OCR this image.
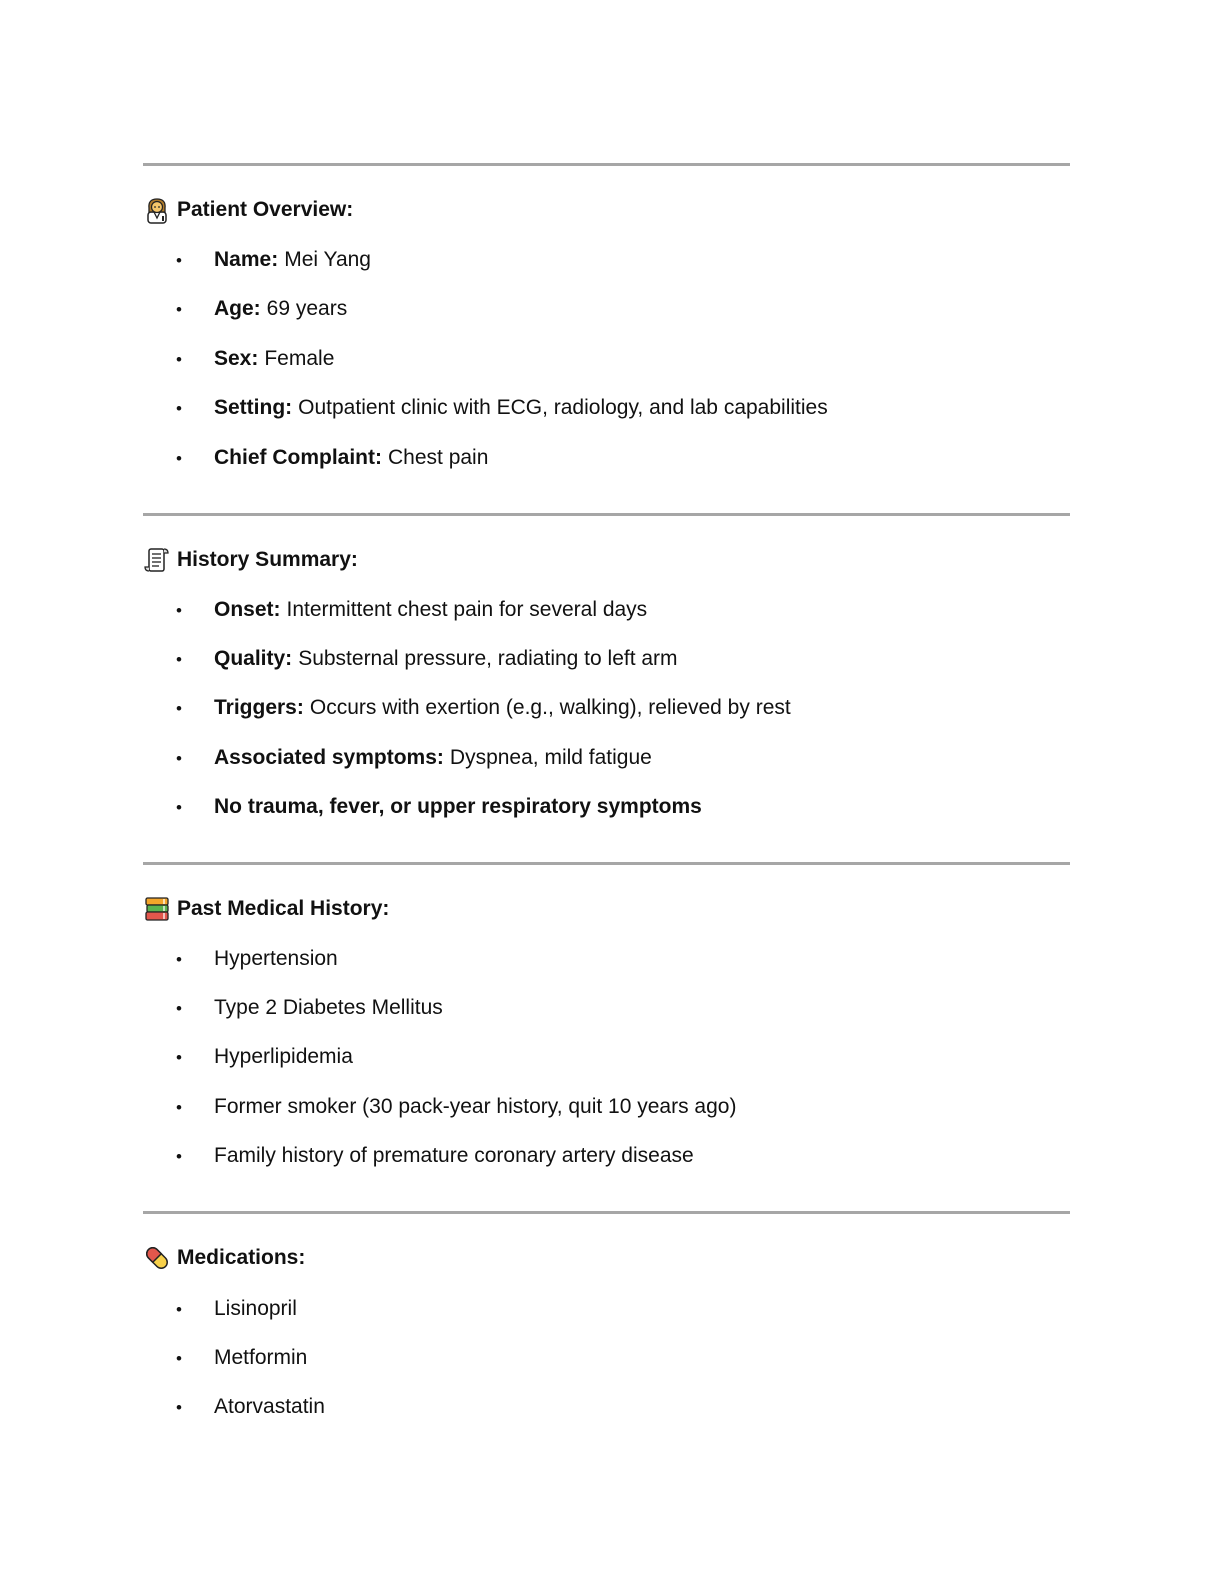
Patient Overview:
•	Name: Mei Yang
•	Age: 69 years
•	Sex: Female
•	Setting: Outpatient clinic with ECG, radiology, and lab capabilities
•	Chief Complaint: Chest pain
History Summary:
•	Onset: Intermittent chest pain for several days
•	Quality: Substernal pressure, radiating to left arm
•	Triggers: Occurs with exertion (e.g., walking), relieved by rest
•	Associated symptoms: Dyspnea, mild fatigue
•	No trauma, fever, or upper respiratory symptoms
Past Medical History:
•	Hypertension
•	Type 2 Diabetes Mellitus
•	Hyperlipidemia
•	Former smoker (30 pack-year history, quit 10 years ago)
•	Family history of premature coronary artery disease
Medications:
•	Lisinopril
•	Metformin
•	Atorvastatin
